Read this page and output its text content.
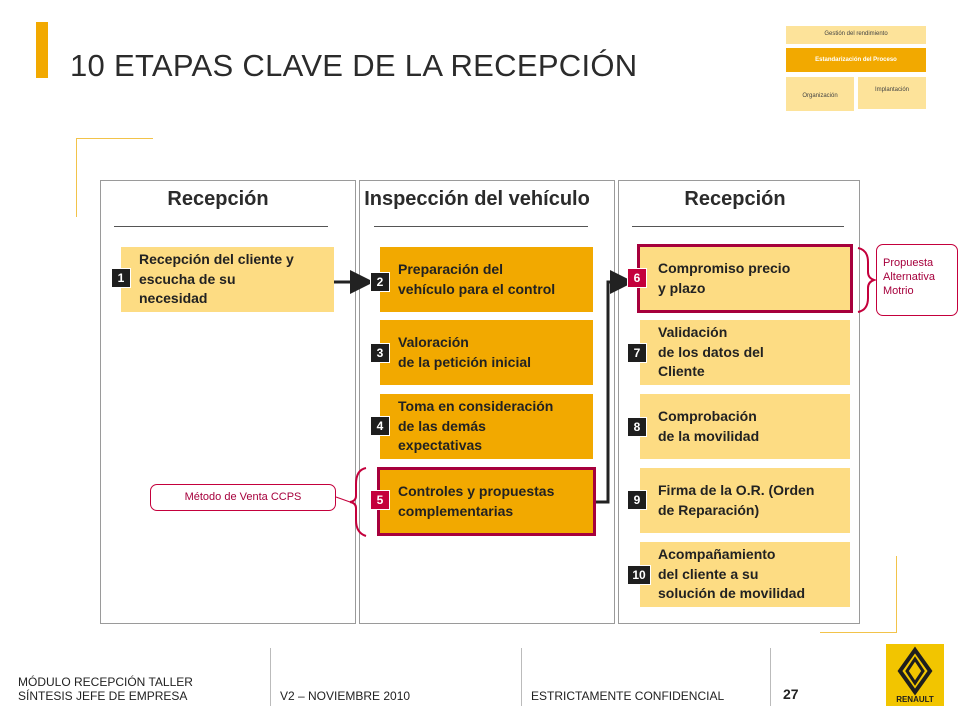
10 ETAPAS CLAVE DE LA RECEPCIÓN
Gestión del rendimiento
Estandarización del Proceso
Organización
Implantación
Recepción	Inspección del vehículo	Recepción
Recepción del cliente y
escucha de su
necesidad
1
Preparación del
vehículo para el control
2
Valoración
de la petición inicial
3
Toma en consideración
de las demás
expectativas
4
Controles y propuestas
complementarias
5
Compromiso precio
y plazo
6
Validación
de los datos del
Cliente
7
Comprobación
de la movilidad
8
Firma de la O.R. (Orden
de Reparación)
9
Acompañamiento
del cliente a su
solución de movilidad
10
Método de Venta CCPS
Propuesta
Alternativa
Motrio
MÓDULO RECEPCIÓN TALLER
SÍNTESIS JEFE DE EMPRESA	V2 – NOVIEMBRE 2010	ESTRICTAMENTE CONFIDENCIAL	27	RENAULT
